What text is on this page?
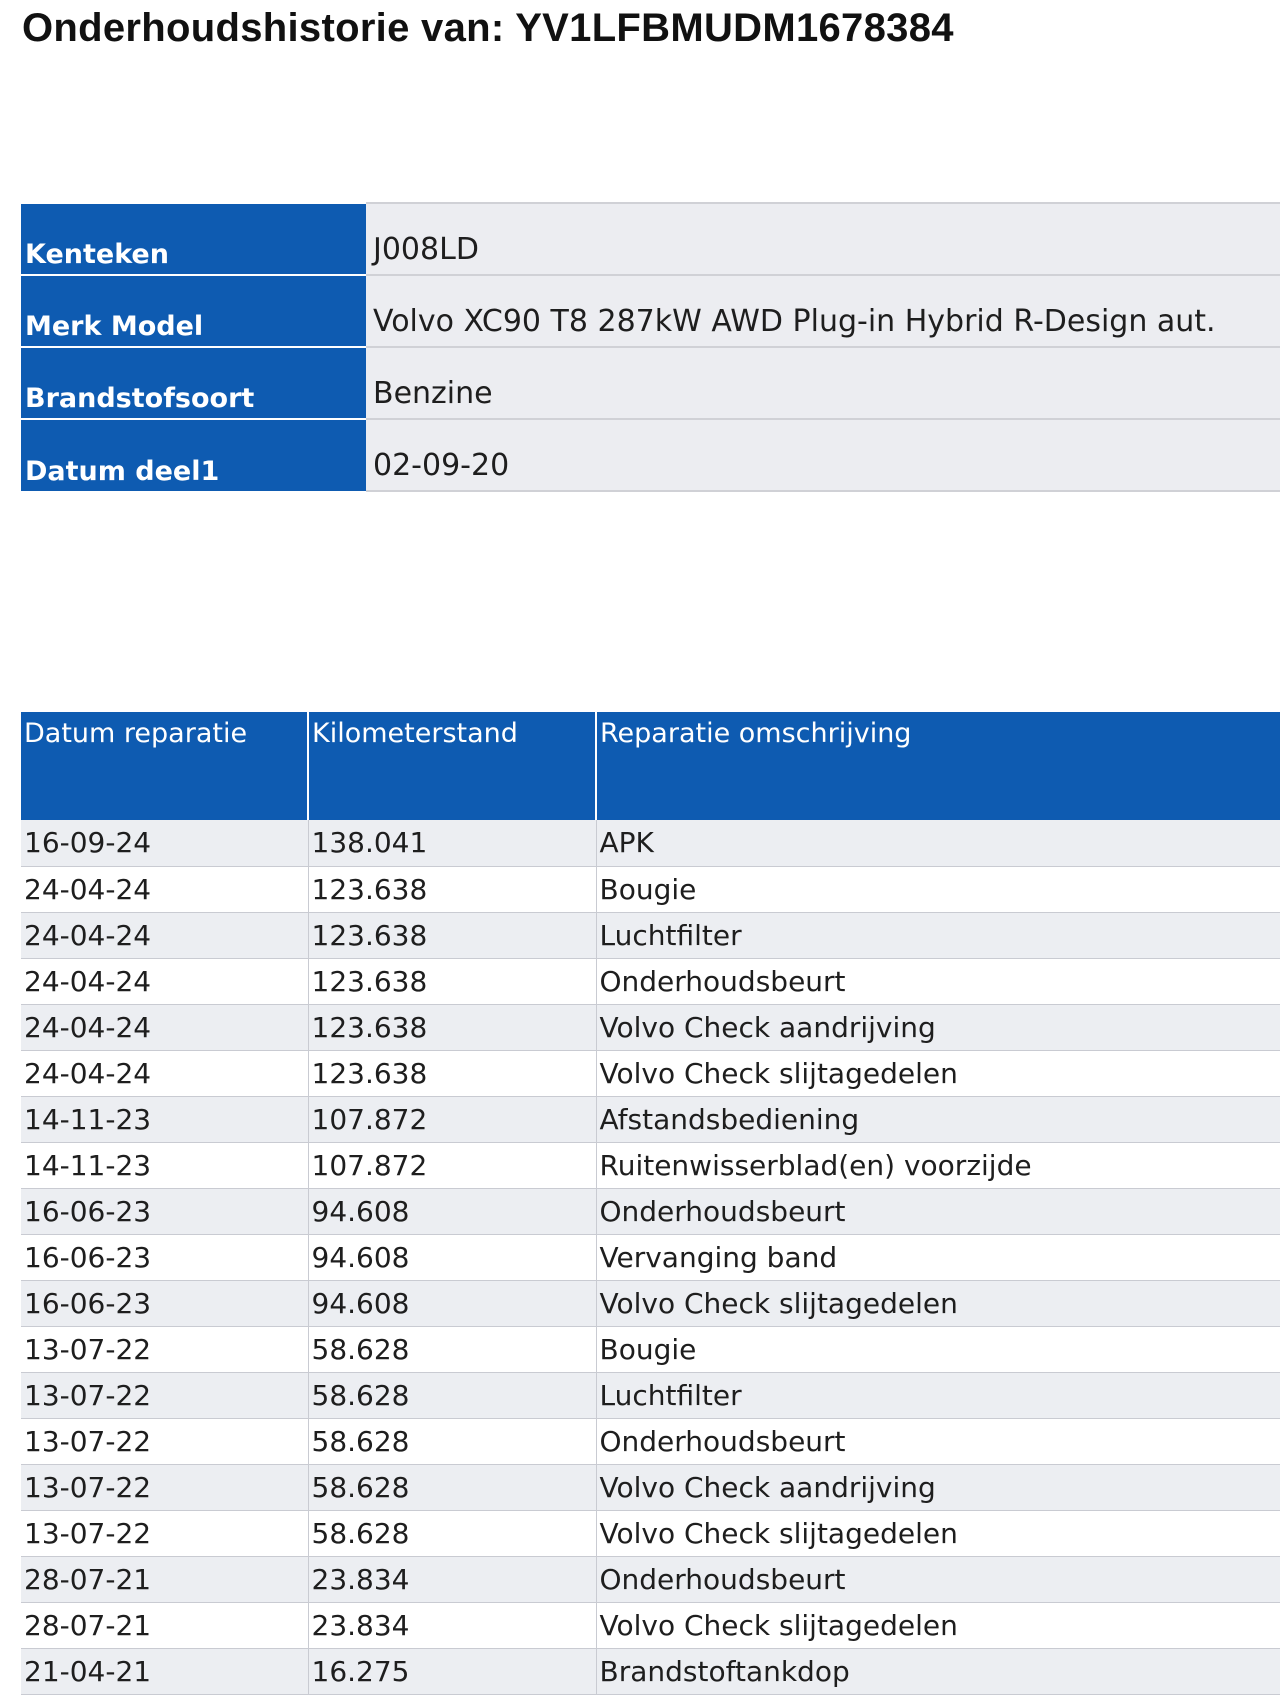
Onderhoudshistorie van: YV1LFBMUDM1678384
Kenteken	J008LD
Merk Model	Volvo XC90 T8 287kW AWD Plug-in Hybrid R-Design aut.
Brandstofsoort	Benzine
Datum deel1	02-09-20
Datum reparatie	Kilometerstand	Reparatie omschrijving
16-09-24	138.041	APK
24-04-24	123.638	Bougie
24-04-24	123.638	Luchtfilter
24-04-24	123.638	Onderhoudsbeurt
24-04-24	123.638	Volvo Check aandrijving
24-04-24	123.638	Volvo Check slijtagedelen
14-11-23	107.872	Afstandsbediening
14-11-23	107.872	Ruitenwisserblad(en) voorzijde
16-06-23	94.608	Onderhoudsbeurt
16-06-23	94.608	Vervanging band
16-06-23	94.608	Volvo Check slijtagedelen
13-07-22	58.628	Bougie
13-07-22	58.628	Luchtfilter
13-07-22	58.628	Onderhoudsbeurt
13-07-22	58.628	Volvo Check aandrijving
13-07-22	58.628	Volvo Check slijtagedelen
28-07-21	23.834	Onderhoudsbeurt
28-07-21	23.834	Volvo Check slijtagedelen
21-04-21	16.275	Brandstoftankdop
